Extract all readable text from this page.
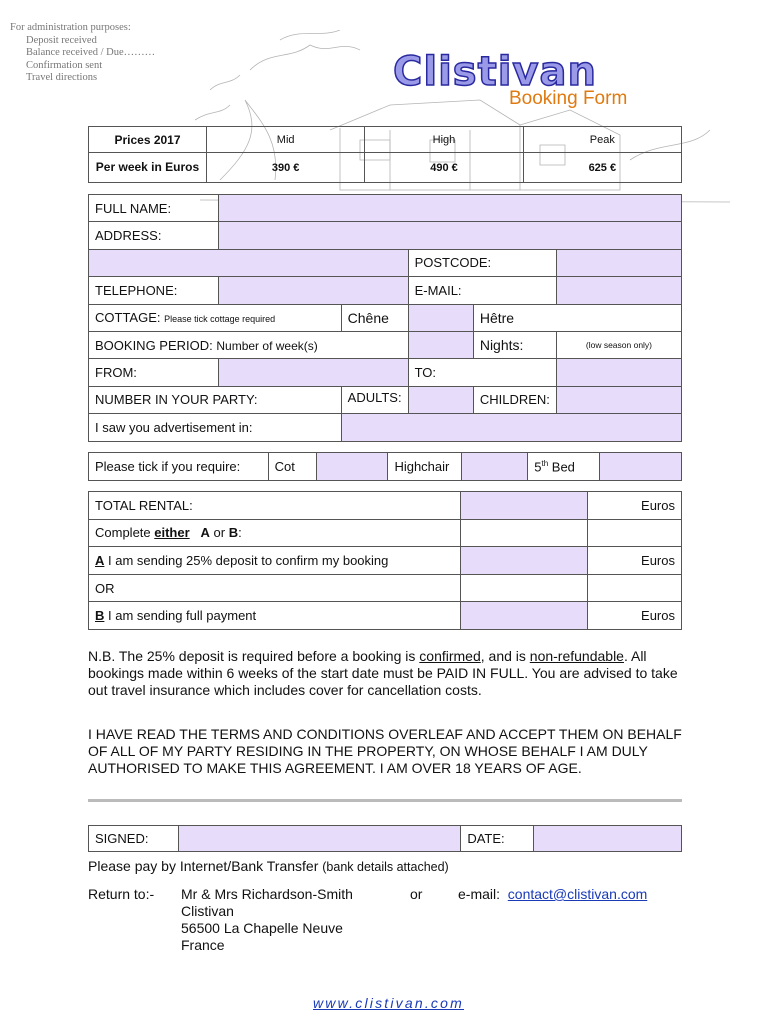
For administration purposes:
Deposit received
Balance received / Due………
Confirmation sent
Travel directions	Clistivan
Booking Form
Prices 2017	Mid	High	Peak
Per week in Euros	390 €	490 €	625 €
FULL NAME:					
ADDRESS:					
			POSTCODE:		
TELEPHONE:			E-MAIL:		
COTTAGE: Please tick cottage required		Chêne		Hêtre	
BOOKING PERIOD: Number of week(s)				Nights:	(low season only)
FROM:			TO:		
NUMBER IN YOUR PARTY:		ADULTS:		CHILDREN:	
I saw you advertisement in:					
Please tick if you require:	Cot		Highchair		5th Bed	
TOTAL RENTAL:		Euros
Complete either A or B:		
A I am sending 25% deposit to confirm my booking		Euros
OR		
B I am sending full payment		Euros
N.B. The 25% deposit is required before a booking is confirmed, and is non-refundable. All bookings made within 6 weeks of the start date must be PAID IN FULL. You are advised to take out travel insurance which includes cover for cancellation costs.
I HAVE READ THE TERMS AND CONDITIONS OVERLEAF AND ACCEPT THEM ON BEHALF OF ALL OF MY PARTY RESIDING IN THE PROPERTY, ON WHOSE BEHALF I AM DULY AUTHORISED TO MAKE THIS AGREEMENT. I AM OVER 18 YEARS OF AGE.
SIGNED:		DATE:	
Please pay by Internet/Bank Transfer (bank details attached)
Return to:- Mr & Mrs Richardson-Smith
Clistivan
56500 La Chapelle Neuve
France
or	e-mail: contact@clistivan.com
www.clistivan.com
